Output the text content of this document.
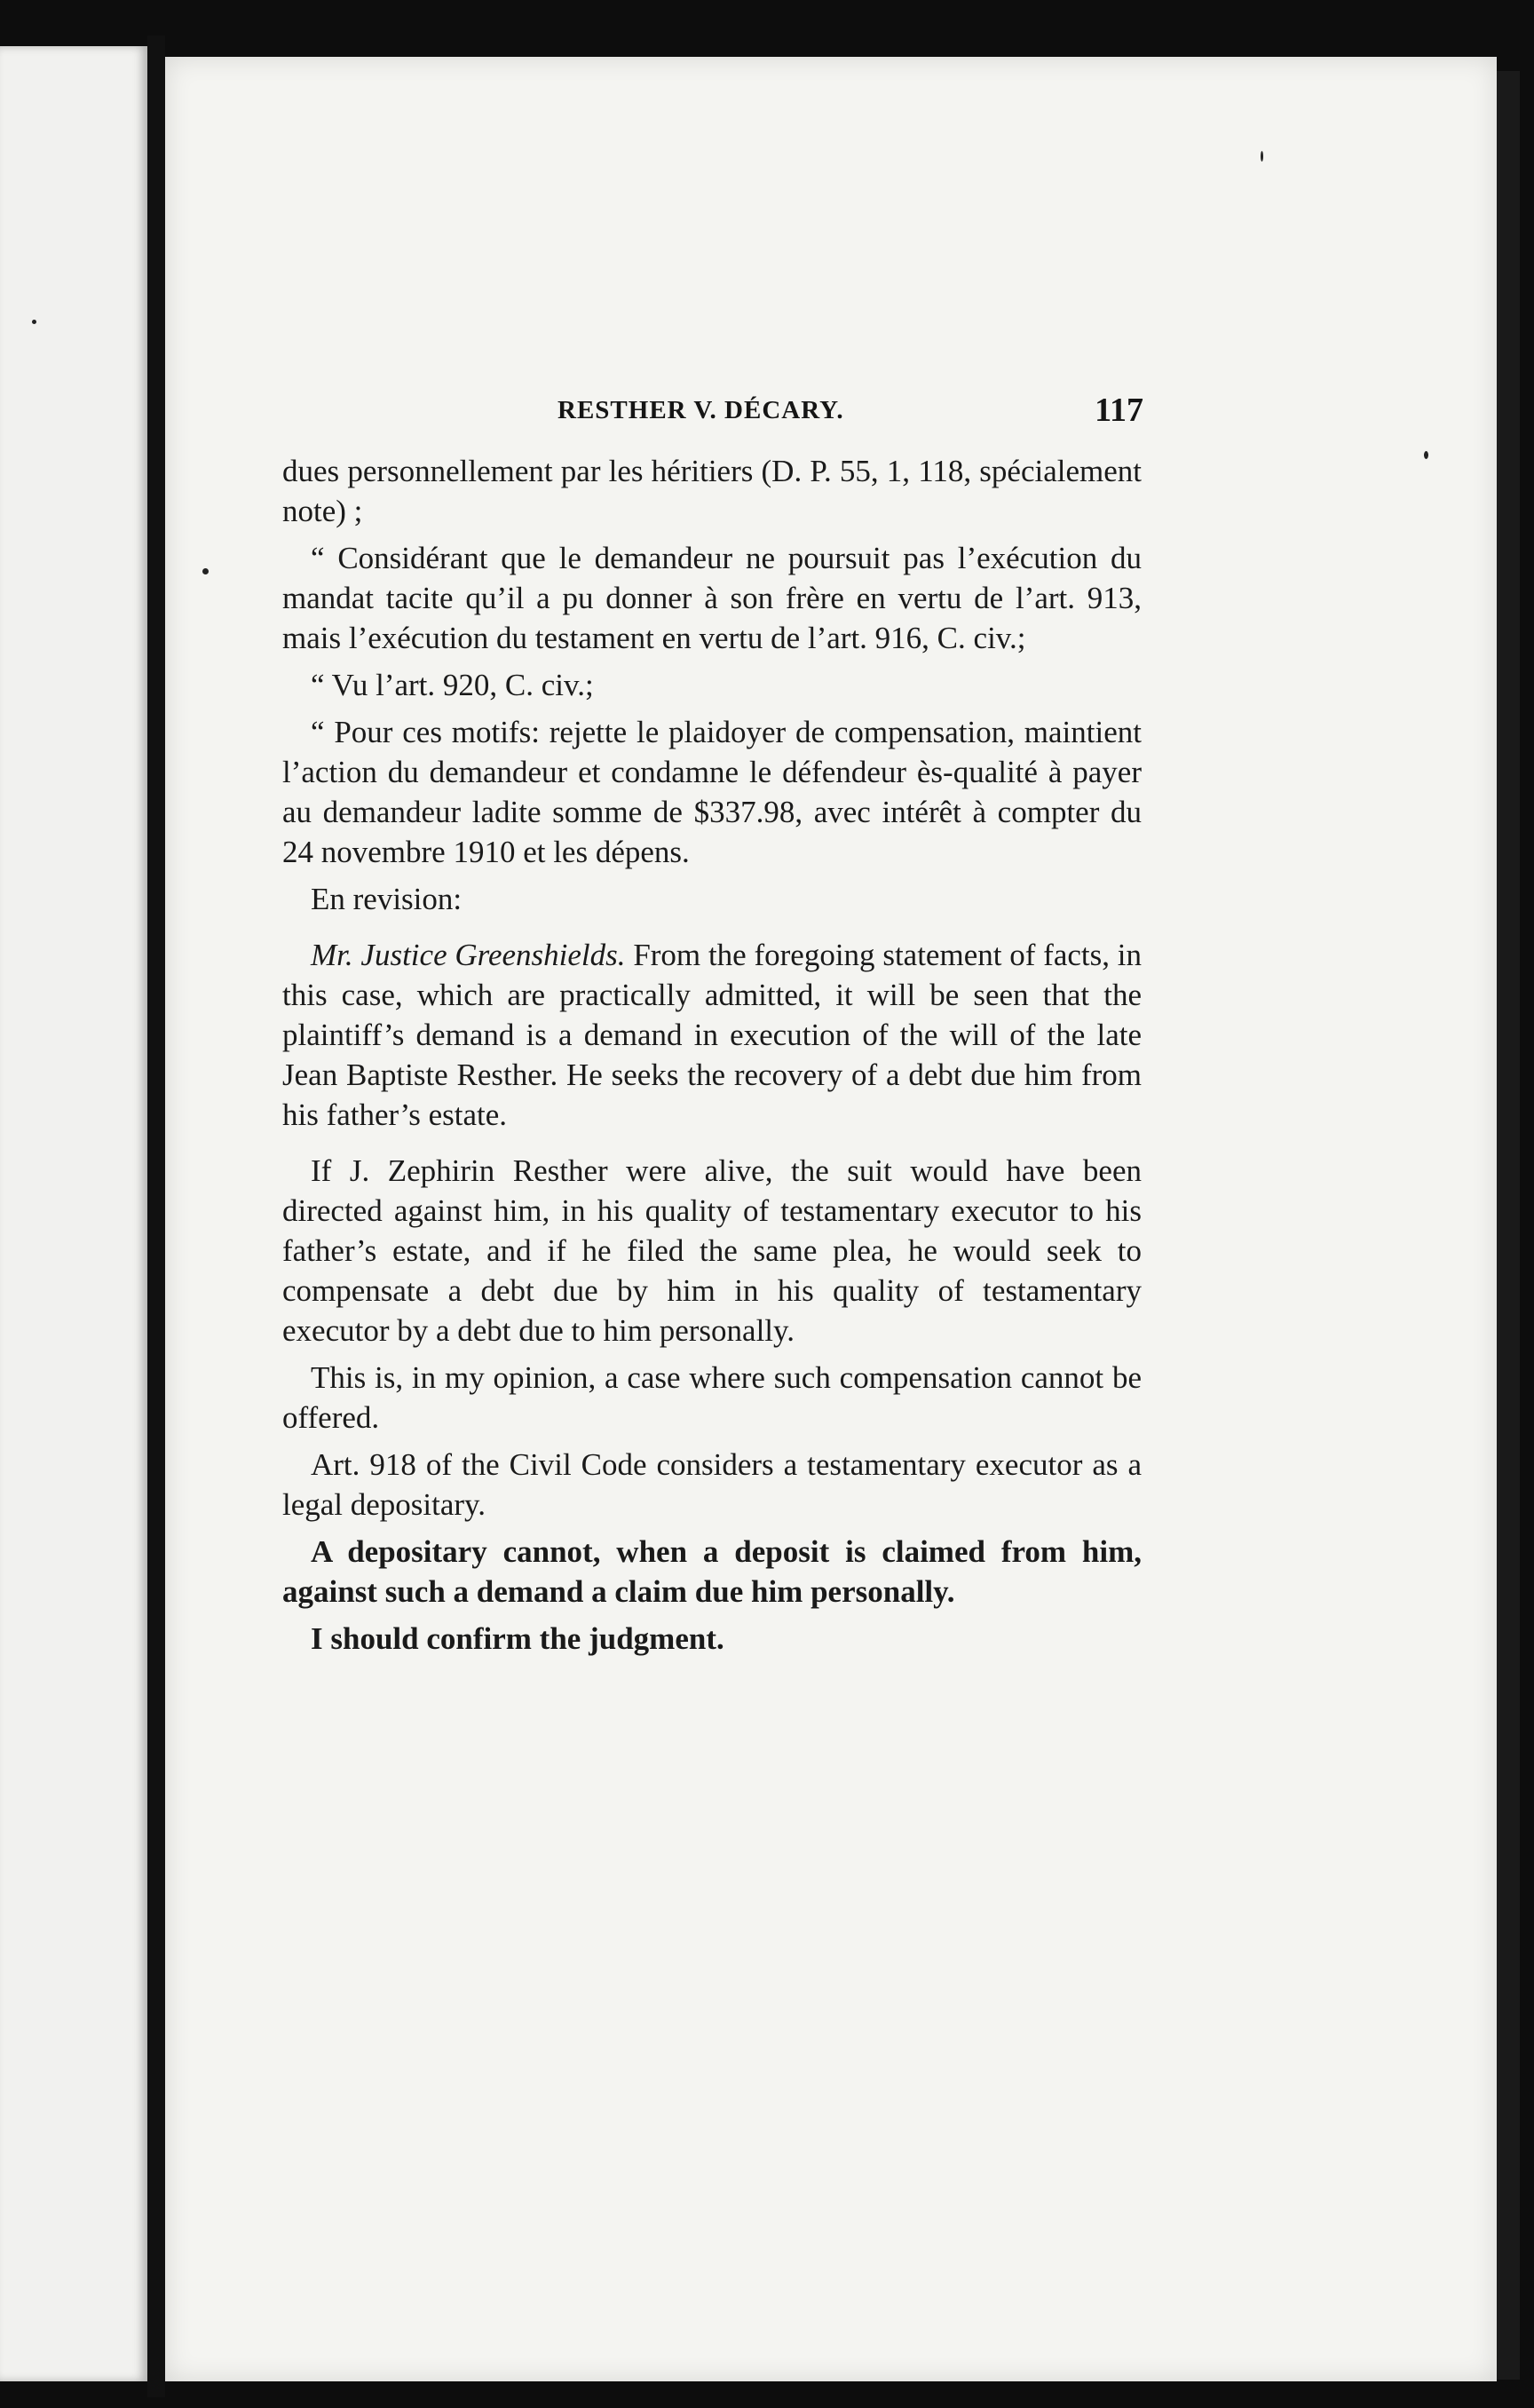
RESTHER V. DÉCARY.	117

dues personnellement par les héritiers (D. P. 55, 1, 118, spécialement note) ;

“ Considérant que le demandeur ne poursuit pas l’exécution du mandat tacite qu’il a pu donner à son frère en vertu de l’art. 913, mais l’exécution du testament en vertu de l’art. 916, C. civ.;

“ Vu l’art. 920, C. civ.;

“ Pour ces motifs: rejette le plaidoyer de compensation, maintient l’action du demandeur et condamne le défendeur ès-qualité à payer au demandeur ladite somme de $337.98, avec intérêt à compter du 24 novembre 1910 et les dépens.

En revision:

Mr. Justice Greenshields. From the foregoing statement of facts, in this case, which are practically admitted, it will be seen that the plaintiff’s demand is a demand in execution of the will of the late Jean Baptiste Resther. He seeks the recovery of a debt due him from his father’s estate.

If J. Zephirin Resther were alive, the suit would have been directed against him, in his quality of testamentary executor to his father’s estate, and if he filed the same plea, he would seek to compensate a debt due by him in his quality of testamentary executor by a debt due to him personally.

This is, in my opinion, a case where such compensation cannot be offered.

Art. 918 of the Civil Code considers a testamentary executor as a legal depositary.

A depositary cannot, when a deposit is claimed from him, against such a demand a claim due him personally.

I should confirm the judgment.
